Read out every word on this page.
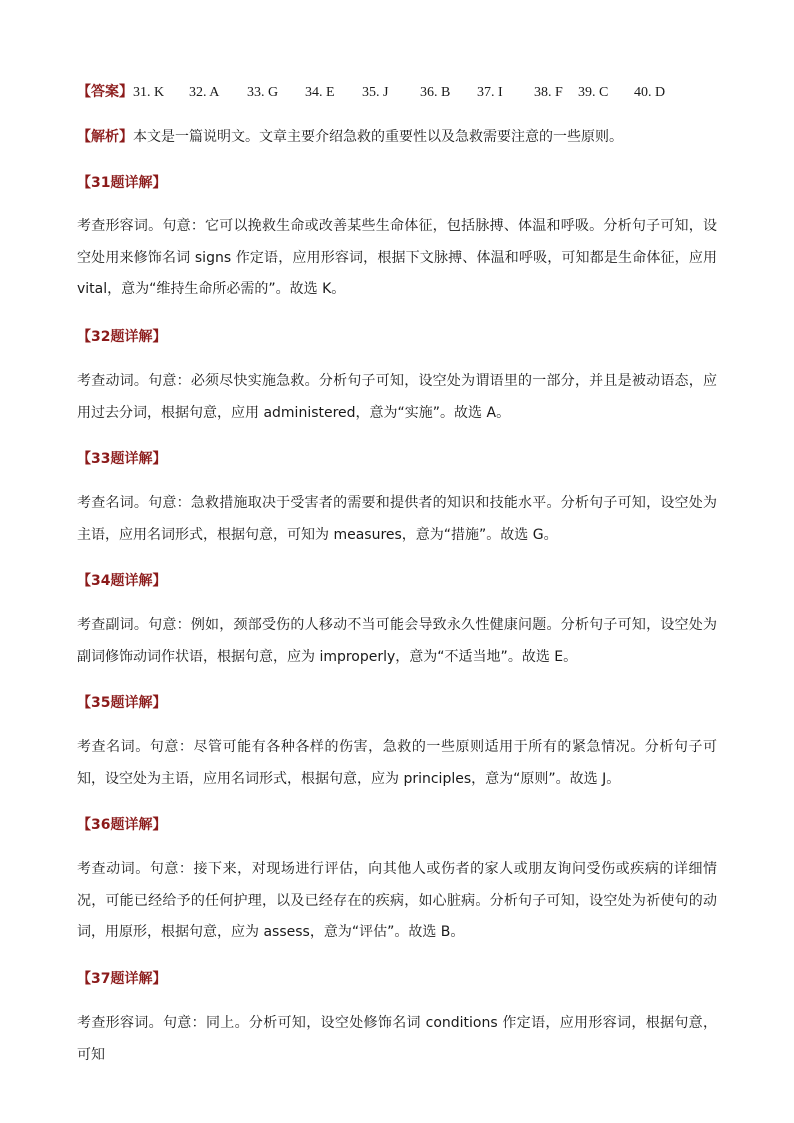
【答案】31. K 32. A 33. G 34. E 35. J 36. B 37. I 38. F 39. C 40. D
【解析】本文是一篇说明文。文章主要介绍急救的重要性以及急救需要注意的一些原则。
【31题详解】
考查形容词。句意：它可以挽救生命或改善某些生命体征，包括脉搏、体温和呼吸。分析句子可知，设空处用来修饰名词 signs 作定语，应用形容词，根据下文脉搏、体温和呼吸，可知都是生命体征，应用 vital，意为“维持生命所必需的”。故选 K。
【32题详解】
考查动词。句意：必须尽快实施急救。分析句子可知，设空处为谓语里的一部分，并且是被动语态，应用过去分词，根据句意，应用 administered，意为“实施”。故选 A。
【33题详解】
考查名词。句意：急救措施取决于受害者的需要和提供者的知识和技能水平。分析句子可知，设空处为主语，应用名词形式，根据句意，可知为 measures，意为“措施”。故选 G。
【34题详解】
考查副词。句意：例如，颈部受伤的人移动不当可能会导致永久性健康问题。分析句子可知，设空处为副词修饰动词作状语，根据句意，应为 improperly，意为“不适当地”。故选 E。
【35题详解】
考查名词。句意：尽管可能有各种各样的伤害，急救的一些原则适用于所有的紧急情况。分析句子可知，设空处为主语，应用名词形式，根据句意，应为 principles，意为“原则”。故选 J。
【36题详解】
考查动词。句意：接下来，对现场进行评估，向其他人或伤者的家人或朋友询问受伤或疾病的详细情况，可能已经给予的任何护理，以及已经存在的疾病，如心脏病。分析句子可知，设空处为祈使句的动词，用原形，根据句意，应为 assess，意为“评估”。故选 B。
【37题详解】
考查形容词。句意：同上。分析可知，设空处修饰名词 conditions 作定语，应用形容词，根据句意，可知
